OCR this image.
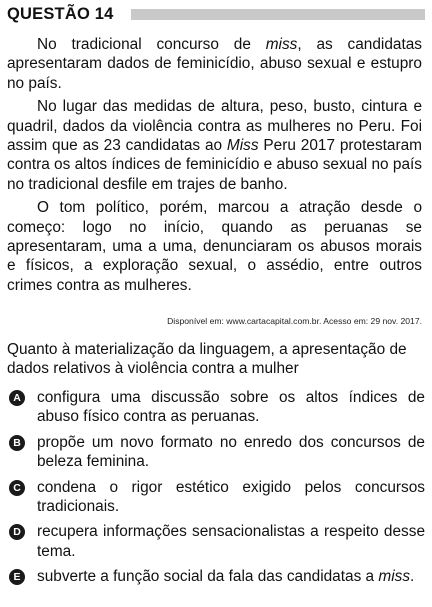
QUESTÃO 14

No tradicional concurso de miss, as candidatas apresentaram dados de feminicídio, abuso sexual e estupro no país.

No lugar das medidas de altura, peso, busto, cintura e quadril, dados da violência contra as mulheres no Peru. Foi assim que as 23 candidatas ao Miss Peru 2017 protestaram contra os altos índices de feminicídio e abuso sexual no país no tradicional desfile em trajes de banho.

O tom político, porém, marcou a atração desde o começo: logo no início, quando as peruanas se apresentaram, uma a uma, denunciaram os abusos morais e físicos, a exploração sexual, o assédio, entre outros crimes contra as mulheres.

Disponível em: www.cartacapital.com.br. Acesso em: 29 nov. 2017.

Quanto à materialização da linguagem, a apresentação de dados relativos à violência contra a mulher

A configura uma discussão sobre os altos índices de abuso físico contra as peruanas.
B propõe um novo formato no enredo dos concursos de beleza feminina.
C condena o rigor estético exigido pelos concursos tradicionais.
D recupera informações sensacionalistas a respeito desse tema.
E subverte a função social da fala das candidatas a miss.
